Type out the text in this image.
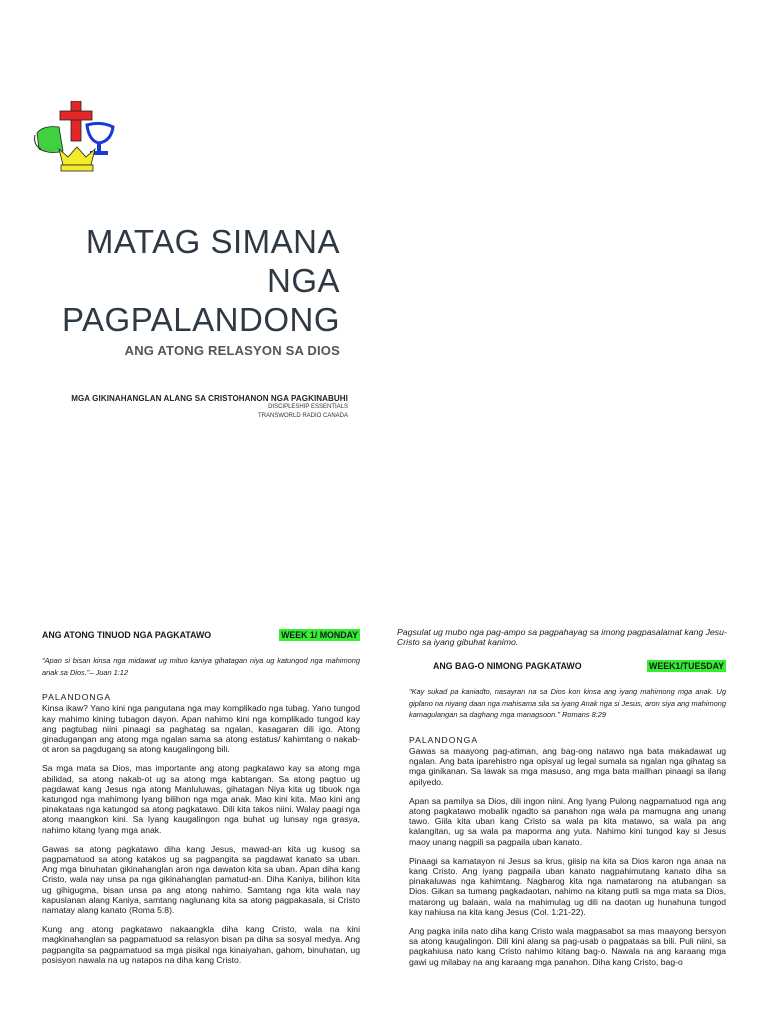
MATAG SIMANA
NGA
PAGPALANDONG
ANG ATONG RELASYON SA DIOS
MGA GIKINAHANGLAN ALANG SA CRISTOHANON NGA PAGKINABUHI
DISCIPLESHIP ESSENTIALS
TRANSWORLD RADIO CANADA
ANG ATONG TINUOD NGA PAGKATAWO	WEEK 1/ MONDAY

"Apan si bisan kinsa nga midawat ug mituo kaniya gihatagan niya ug katungod nga mahimong anak sa Dios."– Juan 1:12

PALANDONGA

Kinsa ikaw? Yano kini nga pangutana nga may komplikado nga tubag. Yano tungod kay mahimo kining tubagon dayon. Apan nahimo kini nga komplikado tungod kay ang pagtubag niini pinaagi sa paghatag sa ngalan, kasagaran dili igo. Atong ginadugangan ang atong mga ngalan sama sa atong estatus/ kahimtang o nakab-ot aron sa pagdugang sa atong kaugalingong bili.

Sa mga mata sa Dios, mas importante ang atong pagkatawo kay sa atong mga abilidad, sa atong nakab-ot ug sa atong mga kabtangan. Sa atong pagtuo ug pagdawat kang Jesus nga atong Manluluwas, gihatagan Niya kita ug tibuok nga katungod nga mahimong Iyang bilihon nga mga anak. Mao kini kita. Mao kini ang pinakataas nga katungod sa atong pagkatawo. Dili kita takos niini. Walay paagi nga atong maangkon kini. Sa Iyang kaugalingon nga buhat ug lunsay nga grasya, nahimo kitang Iyang mga anak.

Gawas sa atong pagkatawo diha kang Jesus, mawad-an kita ug kusog sa pagpamatuod sa atong katakos ug sa pagpangita sa pagdawat kanato sa uban. Ang mga binuhatan gikinahanglan aron nga dawaton kita sa uban. Apan diha kang Cristo, wala nay unsa pa nga gikinahanglan pamatud-an. Diha Kaniya, bilihon kita ug gihigugma, bisan unsa pa ang atong nahimo. Samtang nga kita wala nay kapuslanan alang Kaniya, samtang naglunang kita sa atong pagpakasala, si Cristo namatay alang kanato (Roma 5:8).

Kung ang atong pagkatawo nakaangkla diha kang Cristo, wala na kini magkinahanglan sa pagpamatuod sa relasyon bisan pa diha sa sosyal medya. Ang pagpangita sa pagpamatuod sa mga pisikal nga kinaiyahan, gahom, binuhatan, ug posisyon nawala na ug natapos na diha kang Cristo.

Pagsulat ug mubo nga pag-ampo sa pagpahayag sa imong pagpasalamat kang Jesu- Cristo sa iyang gibuhat kanimo.
ANG BAG-O NIMONG PAGKATAWO	WEEK1/TUESDAY

"Kay sukad pa kaniadto, nasayran na sa Dios kon kinsa ang iyang mahimong mga anak. Ug giplano na niyang daan nga mahisama sila sa iyang Anak nga si Jesus, aron siya ang mahimong kamagulangan sa daghang mga managsoon." Romans 8:29

PALANDONGA

Gawas sa maayong pag-atiman, ang bag-ong natawo nga bata makadawat ug ngalan. Ang bata iparehistro nga opisyal ug legal sumala sa ngalan nga gihatag sa mga ginikanan. Sa lawak sa mga masuso, ang mga bata mailhan pinaagi sa ilang apilyedo.

Apan sa pamilya sa Dios, dili ingon niini. Ang Iyang Pulong nagpamatuod nga ang atong pagkatawo mobalik ngadto sa panahon nga wala pa mamugna ang unang tawo. Giila kita uban kang Cristo sa wala pa kita matawo, sa wala pa ang kalangitan, ug sa wala pa maporma ang yuta. Nahimo kini tungod kay si Jesus maoy unang nagpili sa pagpaila uban kanato.

Pinaagi sa kamatayon ni Jesus sa krus, giisip na kita sa Dios karon nga anaa na kang Cristo. Ang iyang pagpaila uban kanato nagpahimutang kanato diha sa pinakaluwas nga kahimtang. Nagbarog kita nga namatarong na atubangan sa Dios. Gikan sa tumang pagkadaotan, nahimo na kitang putli sa mga mata sa Dios, matarong ug balaan, wala na mahimulag ug dili na daotan ug hunahuna tungod kay nahiusa na kita kang Jesus (Col. 1:21-22).

Ang pagka inila nato diha kang Cristo wala magpasabot sa mas maayong bersyon sa atong kaugalingon. Dili kini alang sa pag-usab o pagpataas sa bili. Puli niini, sa pagkahiusa nato kang Cristo nahimo kitang bag-o. Nawala na ang karaang mga gawi ug milabay na ang karaang mga panahon. Diha kang Cristo, bag-o
